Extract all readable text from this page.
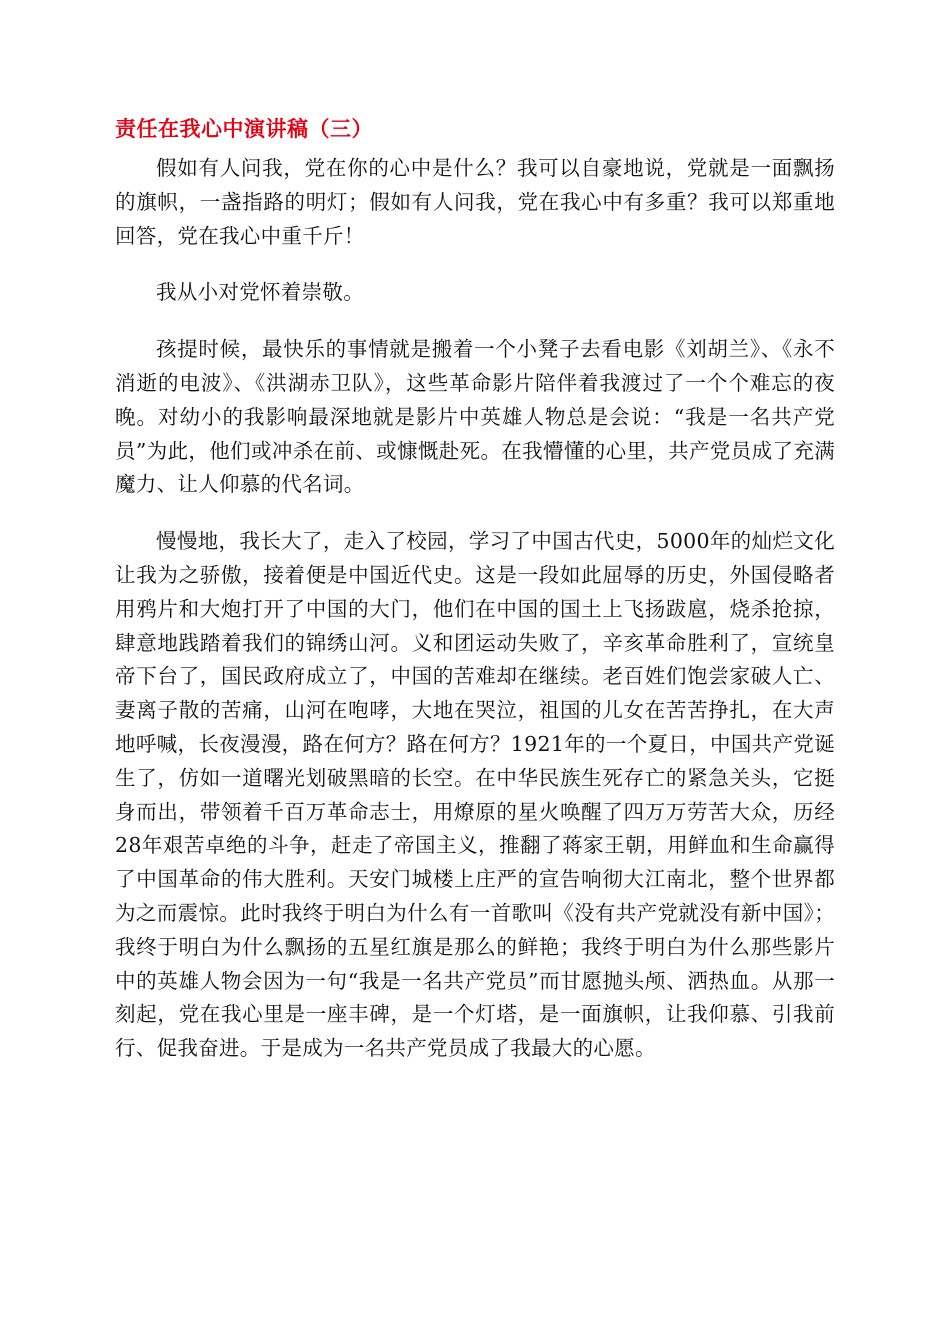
责任在我心中演讲稿（三）

假如有人问我，党在你的心中是什么？我可以自豪地说，党就是一面飘扬的旗帜，一盏指路的明灯；假如有人问我，党在我心中有多重？我可以郑重地回答，党在我心中重千斤！

我从小对党怀着崇敬。

孩提时候，最快乐的事情就是搬着一个小凳子去看电影《刘胡兰》、《永不消逝的电波》、《洪湖赤卫队》，这些革命影片陪伴着我渡过了一个个难忘的夜晚。对幼小的我影响最深地就是影片中英雄人物总是会说：“我是一名共产党员”为此，他们或冲杀在前、或慷慨赴死。在我懵懂的心里，共产党员成了充满魔力、让人仰慕的代名词。

慢慢地，我长大了，走入了校园，学习了中国古代史，5000年的灿烂文化让我为之骄傲，接着便是中国近代史。这是一段如此屈辱的历史，外国侵略者用鸦片和大炮打开了中国的大门，他们在中国的国土上飞扬跋扈，烧杀抢掠，肆意地践踏着我们的锦绣山河。义和团运动失败了，辛亥革命胜利了，宣统皇帝下台了，国民政府成立了，中国的苦难却在继续。老百姓们饱尝家破人亡、妻离子散的苦痛，山河在咆哮，大地在哭泣，祖国的儿女在苦苦挣扎，在大声地呼喊，长夜漫漫，路在何方？路在何方？1921年的一个夏日，中国共产党诞生了，仿如一道曙光划破黑暗的长空。在中华民族生死存亡的紧急关头，它挺身而出，带领着千百万革命志士，用燎原的星火唤醒了四万万劳苦大众，历经28年艰苦卓绝的斗争，赶走了帝国主义，推翻了蒋家王朝，用鲜血和生命赢得了中国革命的伟大胜利。天安门城楼上庄严的宣告响彻大江南北，整个世界都为之而震惊。此时我终于明白为什么有一首歌叫《没有共产党就没有新中国》；我终于明白为什么飘扬的五星红旗是那么的鲜艳；我终于明白为什么那些影片中的英雄人物会因为一句“我是一名共产党员”而甘愿抛头颅、洒热血。从那一刻起，党在我心里是一座丰碑，是一个灯塔，是一面旗帜，让我仰慕、引我前行、促我奋进。于是成为一名共产党员成了我最大的心愿。
